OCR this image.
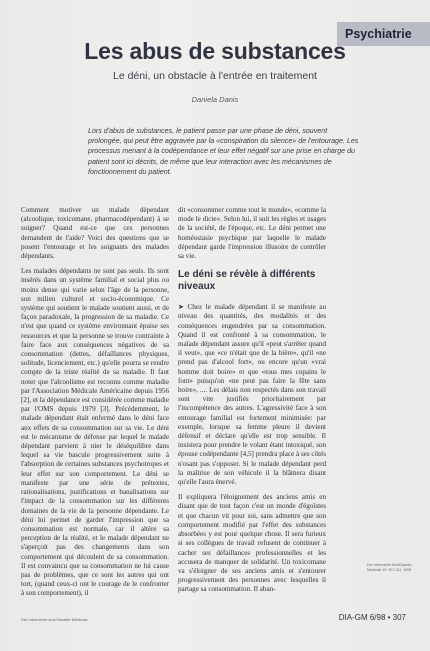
Psychiatrie
Les abus de substances
Le déni, un obstacle à l'entrée en traitement
Daniela Danis
Lors d'abus de substances, le patient passe par une phase de déni, souvent prolongée, qui peut être aggravée par la «conspiration du silence» de l'entourage. Les processus menant à la codépendance et leur effet négatif sur une prise en charge du patient sont ici décrits, de même que leur interaction avec les mécanismes de fonctionnement du patient.

Comment motiver un malade dépendant (alcoolique, toxicomane, pharmacodépendant) à se soigner? Quand est-ce que ces personnes demandent de l'aide? Voici des questions que se posent l'entourage et les soignants des malades dépendants.

Les malades dépendants ne sont pas seuls. Ils sont insérés dans un système familial et social plus ou moins dense qui varie selon l'âge de la personne, son milieu culturel et socio-économique. Ce système qui soutient le malade soutient aussi, et de façon paradoxale, la progression de sa maladie. Ce n'est que quand ce système environnant épuise ses ressources et que la personne se trouve contrainte à faire face aux conséquences négatives de sa consommation (dettes, défaillances physiques, solitude, licenciement, etc.) qu'elle pourra se rendre compte de la triste réalité de sa maladie. Il faut noter que l'alcoolisme est reconnu comme maladie par l'Association Médicale Américaine depuis 1956 [2], et la dépendance est considérée comme maladie par l'OMS depuis 1979 [3]. Précédemment, le malade dépendant était enfermé dans le déni face aux effets de sa consommation sur sa vie. Le déni est le mécanisme de défense par lequel le malade dépendant parvient à nier le déséquilibre dans lequel sa vie bascule progressivement suite à l'absorption de certaines substances psychotropes et leur effet sur son comportement. Le déni se manifeste par une série de prétextes, rationalisations, justifications et banalisations sur l'impact de la consommation sur les différents domaines de la vie de la personne dépendante. Le déni lui permet de garder l'impression que sa consommation est normale, car il altère sa perception de la réalité, et le malade dépendant ne s'aperçoit pas des changements dans son comportement qui découlent de sa consommation. Il est convaincu que sa consommation ne lui cause pas de problèmes, que ce sont les autres qui ont tort, (quand ceux-ci ont le courage de le confronter à son comportement), il

dit «consommer comme tout le monde», «comme la mode le dicte». Selon lui, il suit les règles et usages de la société, de l'époque, etc. Le déni permet une homéostasie psychique par laquelle le malade dépendant garde l'impression illusoire de contrôler sa vie.

Le déni se révèle à différents niveaux

➤ Chez le malade dépendant il se manifeste au niveau des quantités, des modalités et des conséquences engendrées par sa consommation. Quand il est confronté à sa consommation, le malade dépendant assure qu'il «peut s'arrêter quand il veut», que «ce n'était que de la bière», qu'il «ne prend pas d'alcool fort», ou encore qu'un «vrai homme doit boire» et que «tous mes copains le font» puisqu'on «ne peut pas faire la fête sans boire», .... Les délais non respectés dans son travail sont vite justifiés prioritairement par l'incompétence des autres. L'agressivité face à son entourage familial est fortement minimisée: par exemple, lorsque sa femme pleure il devient défensif et déclare qu'elle est trop sensible. Il insistera pour prendre le volant étant intoxiqué, son épouse codépendante [4,5] prendra place à ses côtés n'osant pas s'opposer. Si le malade dépendant perd la maîtrise de son véhicule il la blâmera disant qu'elle l'aura énervé.

Il expliquera l'éloignement des anciens amis en disant que de tout façon c'est un monde d'égoïstes et que chacun vit pour soi, sans admettre que son comportement modifié par l'effet des substances absorbées y est pour quelque chose. Il sera furieux si ses collègues de travail refusent de continuer à cacher ses défaillances professionnelles et les accusera de manquer de solidarité. Un toxicomane va s'éloigner de ses anciens amis et s'entourer progressivement des personnes avec lesquelles il partage sa consommation. Il aban-

Der informierte Arzt/Gazette Médicale 19: 307-311, 1998
Der informierte Arzt/Gazette Médicale	DIA-GM 6/98 • 307
